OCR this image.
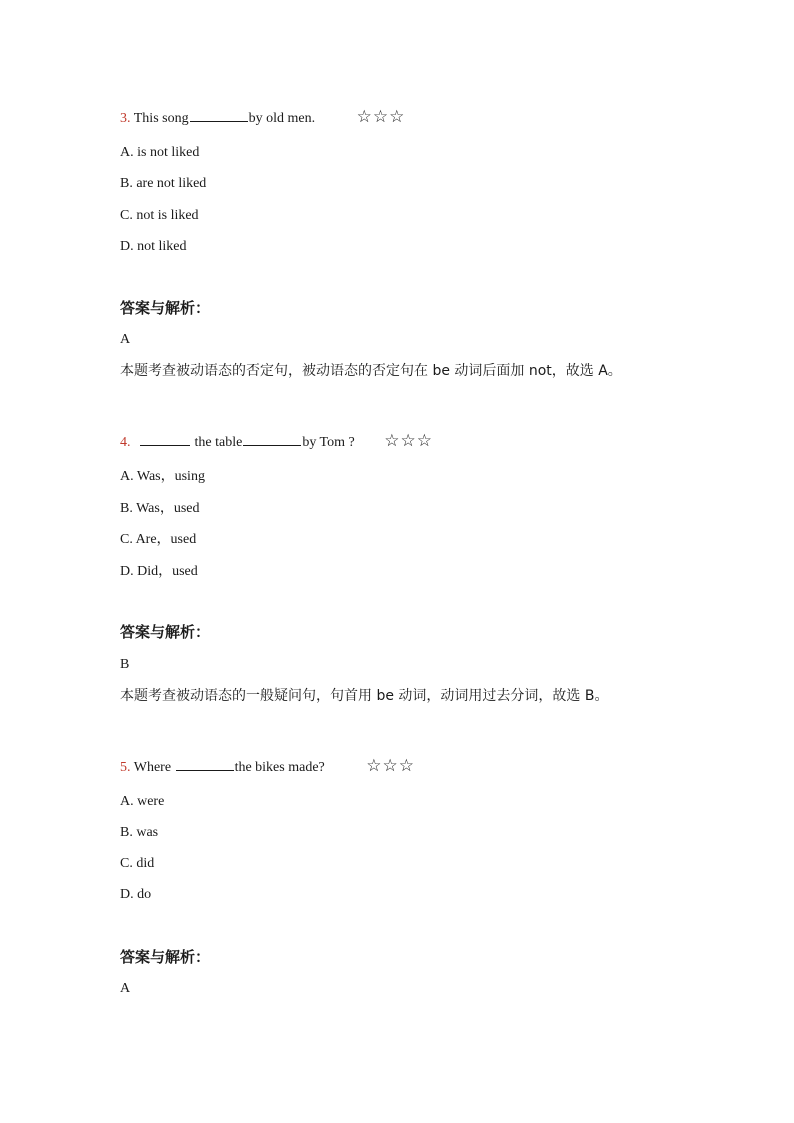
3. This song	by old men. ☆☆☆
A. is not liked
B. are not liked
C. not is liked
D. not liked
答案与解析：
A
本题考查被动语态的否定句，被动语态的否定句在 be 动词后面加 not，故选 A。
4.	the table	by Tom ? ☆☆☆
A. Was，using
B. Was，used
C. Are，used
D. Did，used
答案与解析：
B
本题考查被动语态的一般疑问句，句首用 be 动词，动词用过去分词，故选 B。
5. Where	the bikes made? ☆☆☆
A. were
B. was
C. did
D. do
答案与解析：
A
